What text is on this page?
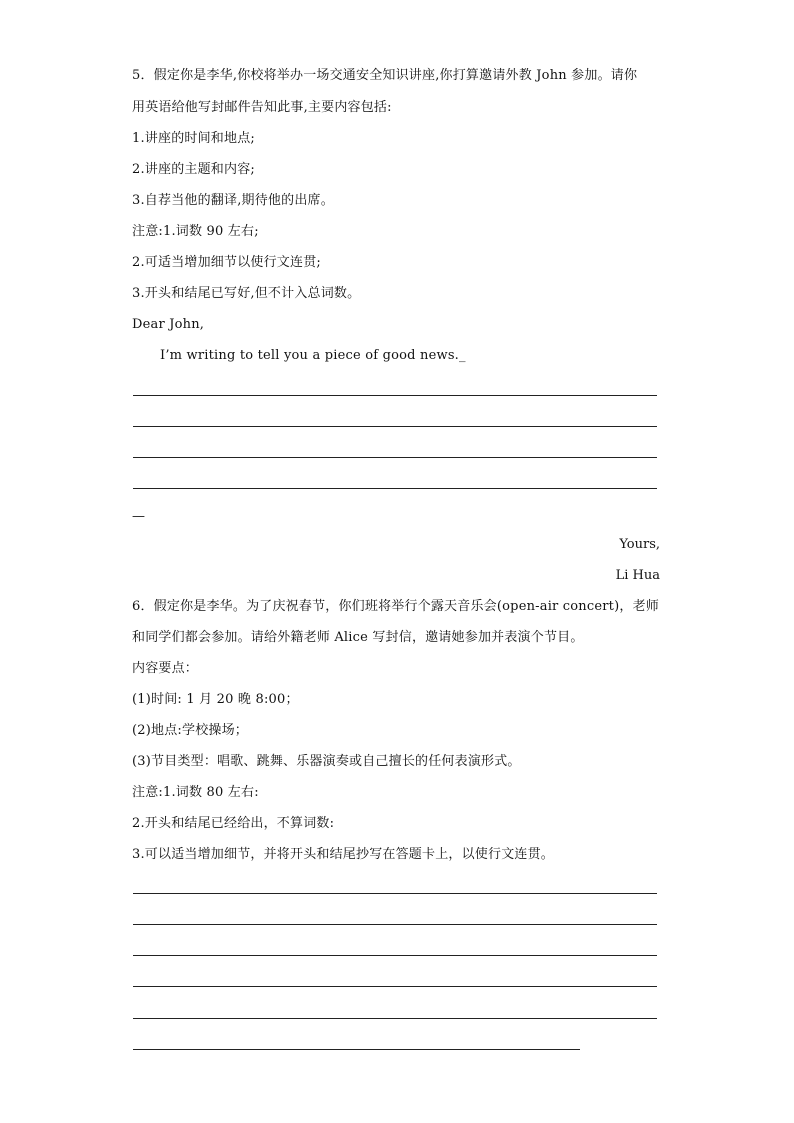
5．假定你是李华,你校将举办一场交通安全知识讲座,你打算邀请外教 John 参加。请你
用英语给他写封邮件告知此事,主要内容包括:
1.讲座的时间和地点;
2.讲座的主题和内容;
3.自荐当他的翻译,期待他的出席。
注意:1.词数 90 左右;
2.可适当增加细节以使行文连贯;
3.开头和结尾已写好,但不计入总词数。
Dear John,
I’m writing to tell you a piece of good news._
—
Yours,
Li Hua
6．假定你是李华。为了庆祝春节，你们班将举行个露天音乐会(open-air concert)，老师
和同学们都会参加。请给外籍老师 Alice 写封信，邀请她参加并表演个节目。
内容要点：
(1)时间: 1 月 20 晚 8:00；
(2)地点:学校操场；
(3)节目类型：唱歌、跳舞、乐器演奏或自己擅长的任何表演形式。
注意:1.词数 80 左右:
2.开头和结尾已经给出，不算词数:
3.可以适当增加细节，并将开头和结尾抄写在答题卡上，以使行文连贯。
